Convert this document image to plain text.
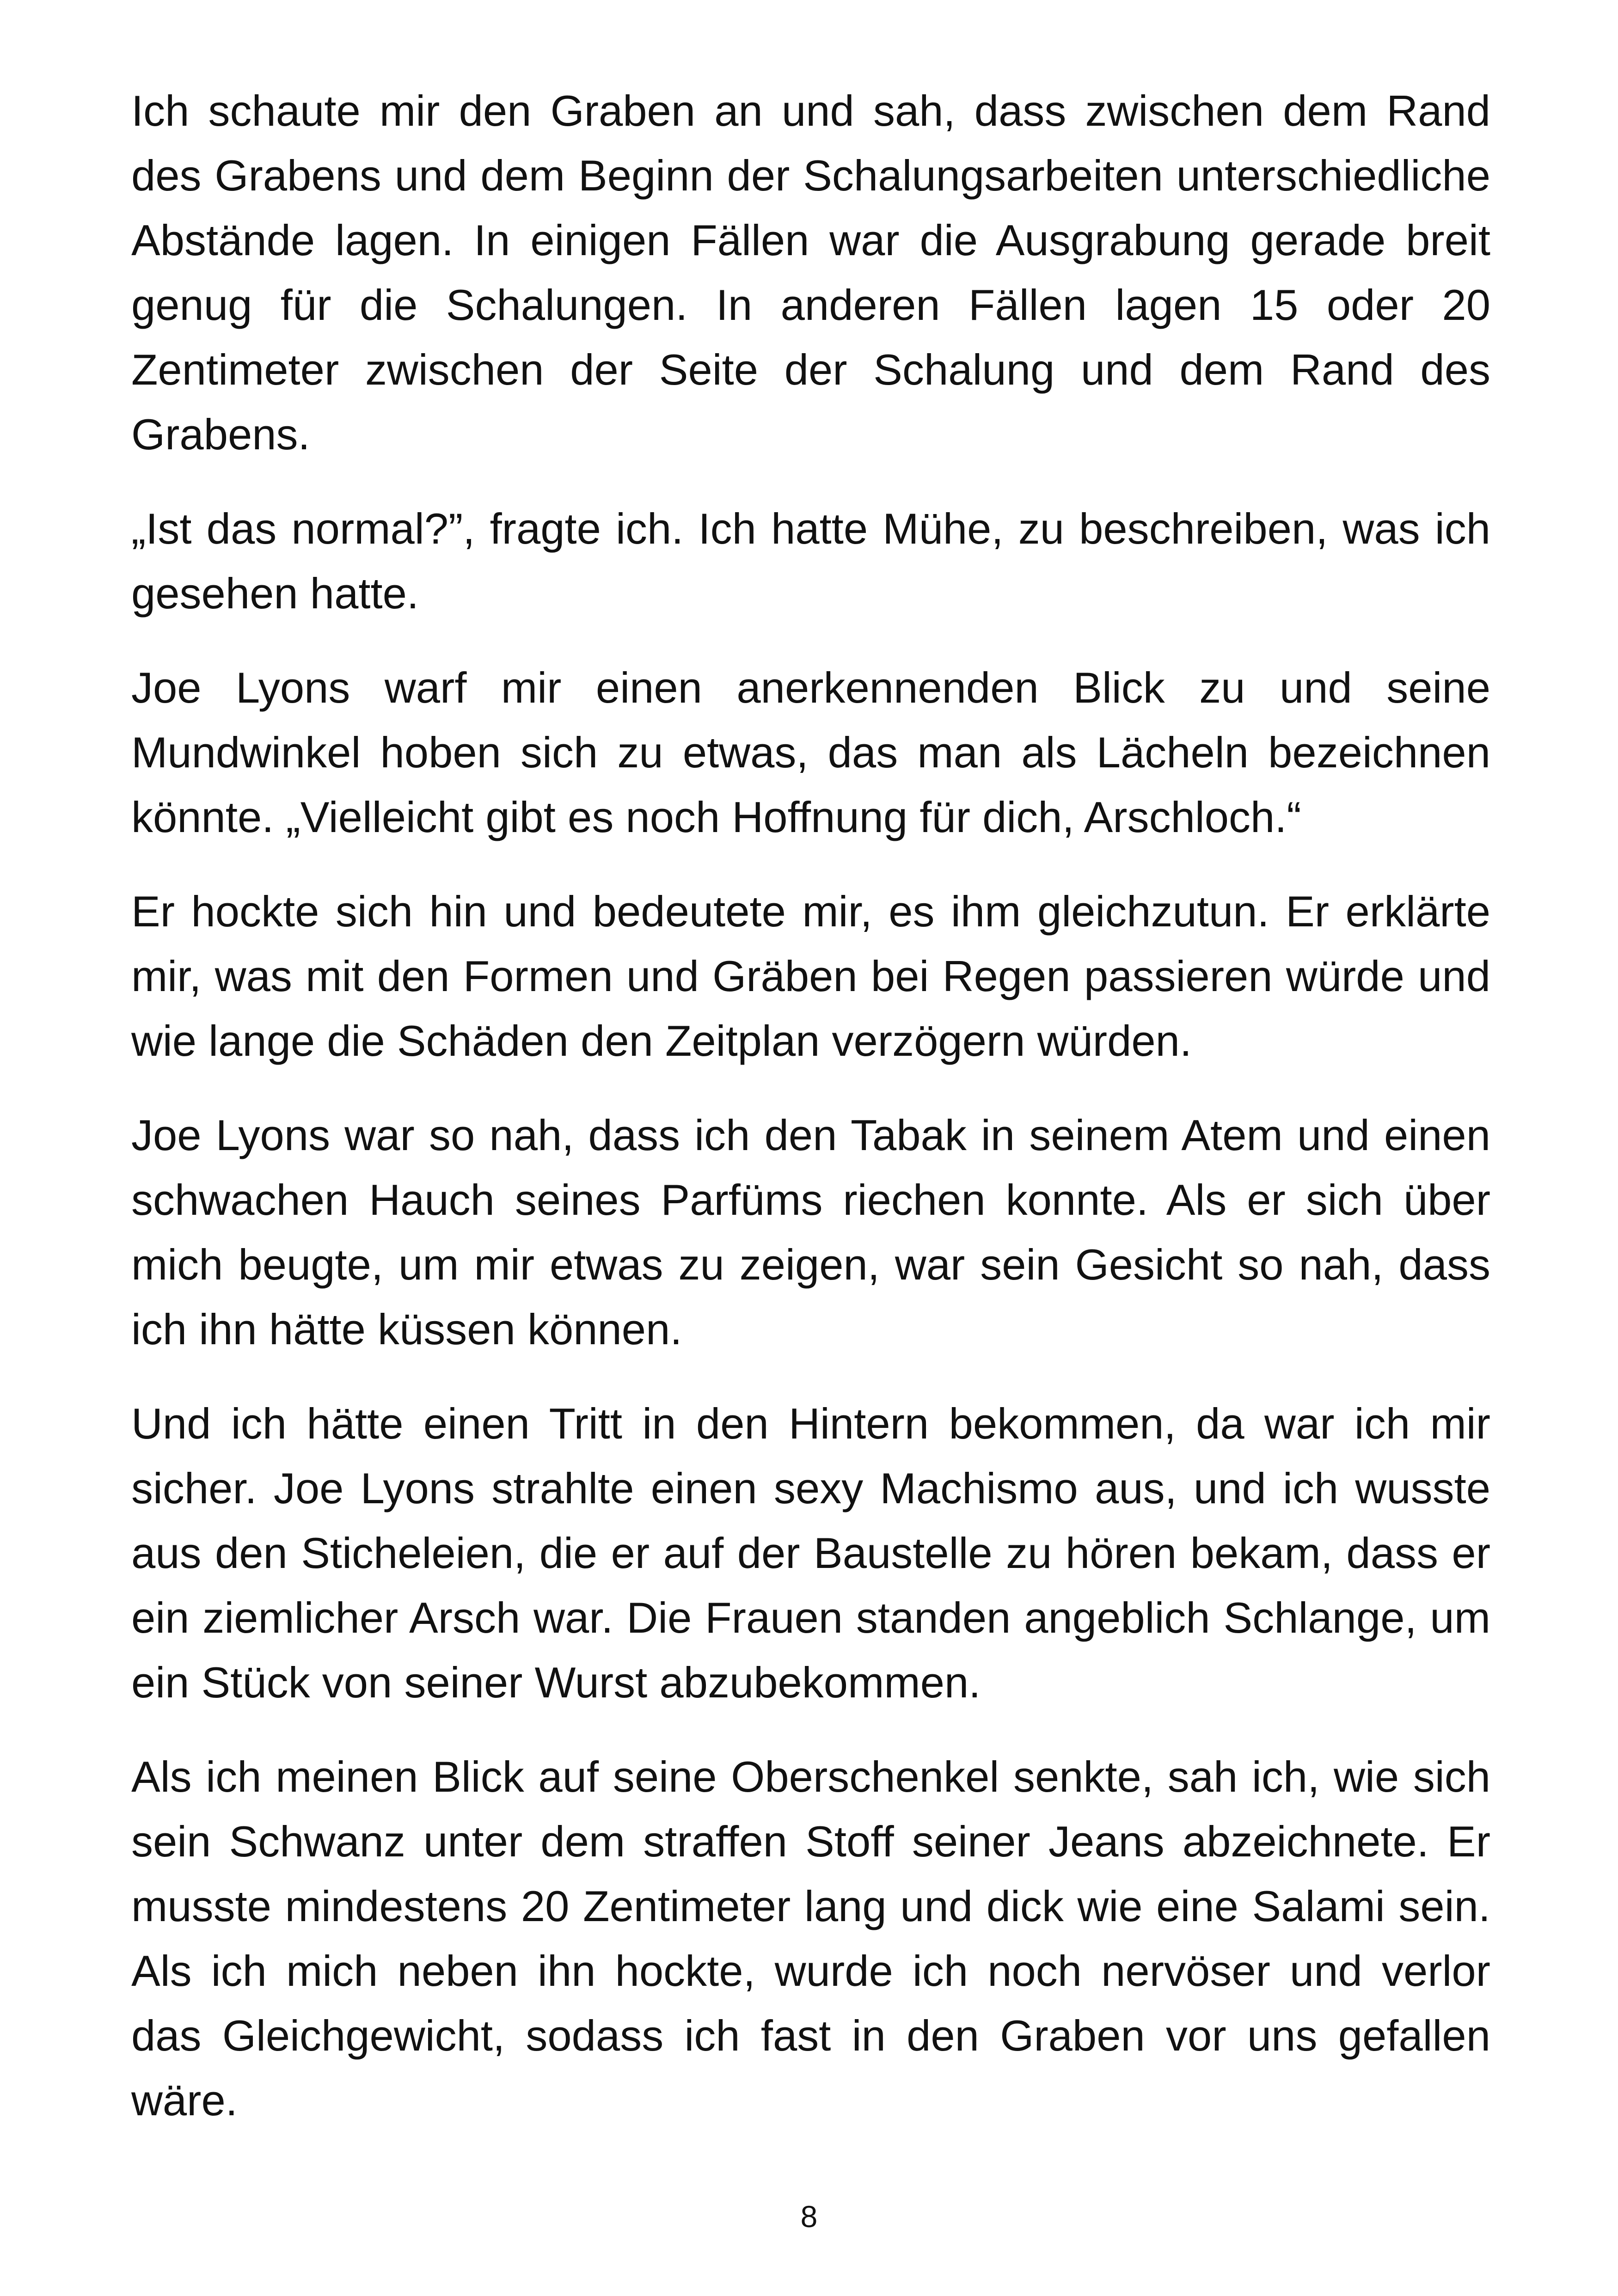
Ich schaute mir den Graben an und sah, dass zwischen dem Rand des Grabens und dem Beginn der Schalungsarbeiten unterschiedliche Abstände lagen. In einigen Fällen war die Ausgrabung gerade breit genug für die Schalungen. In anderen Fällen lagen 15 oder 20 Zentimeter zwischen der Seite der Schalung und dem Rand des Grabens.

„Ist das normal?”, fragte ich. Ich hatte Mühe, zu beschreiben, was ich gesehen hatte.

Joe Lyons warf mir einen anerkennenden Blick zu und seine Mundwinkel hoben sich zu etwas, das man als Lächeln bezeichnen könnte. „Vielleicht gibt es noch Hoffnung für dich, Arschloch.“

Er hockte sich hin und bedeutete mir, es ihm gleichzutun. Er erklärte mir, was mit den Formen und Gräben bei Regen passieren würde und wie lange die Schäden den Zeitplan verzögern würden.

Joe Lyons war so nah, dass ich den Tabak in seinem Atem und einen schwachen Hauch seines Parfüms riechen konnte. Als er sich über mich beugte, um mir etwas zu zeigen, war sein Gesicht so nah, dass ich ihn hätte küssen können.

Und ich hätte einen Tritt in den Hintern bekommen, da war ich mir sicher. Joe Lyons strahlte einen sexy Machismo aus, und ich wusste aus den Sticheleien, die er auf der Baustelle zu hören bekam, dass er ein ziemlicher Arsch war. Die Frauen standen angeblich Schlange, um ein Stück von seiner Wurst abzubekommen.

Als ich meinen Blick auf seine Oberschenkel senkte, sah ich, wie sich sein Schwanz unter dem straffen Stoff seiner Jeans abzeichnete. Er musste mindestens 20 Zentimeter lang und dick wie eine Salami sein. Als ich mich neben ihn hockte, wurde ich noch nervöser und verlor das Gleichgewicht, sodass ich fast in den Graben vor uns gefallen wäre.

8
